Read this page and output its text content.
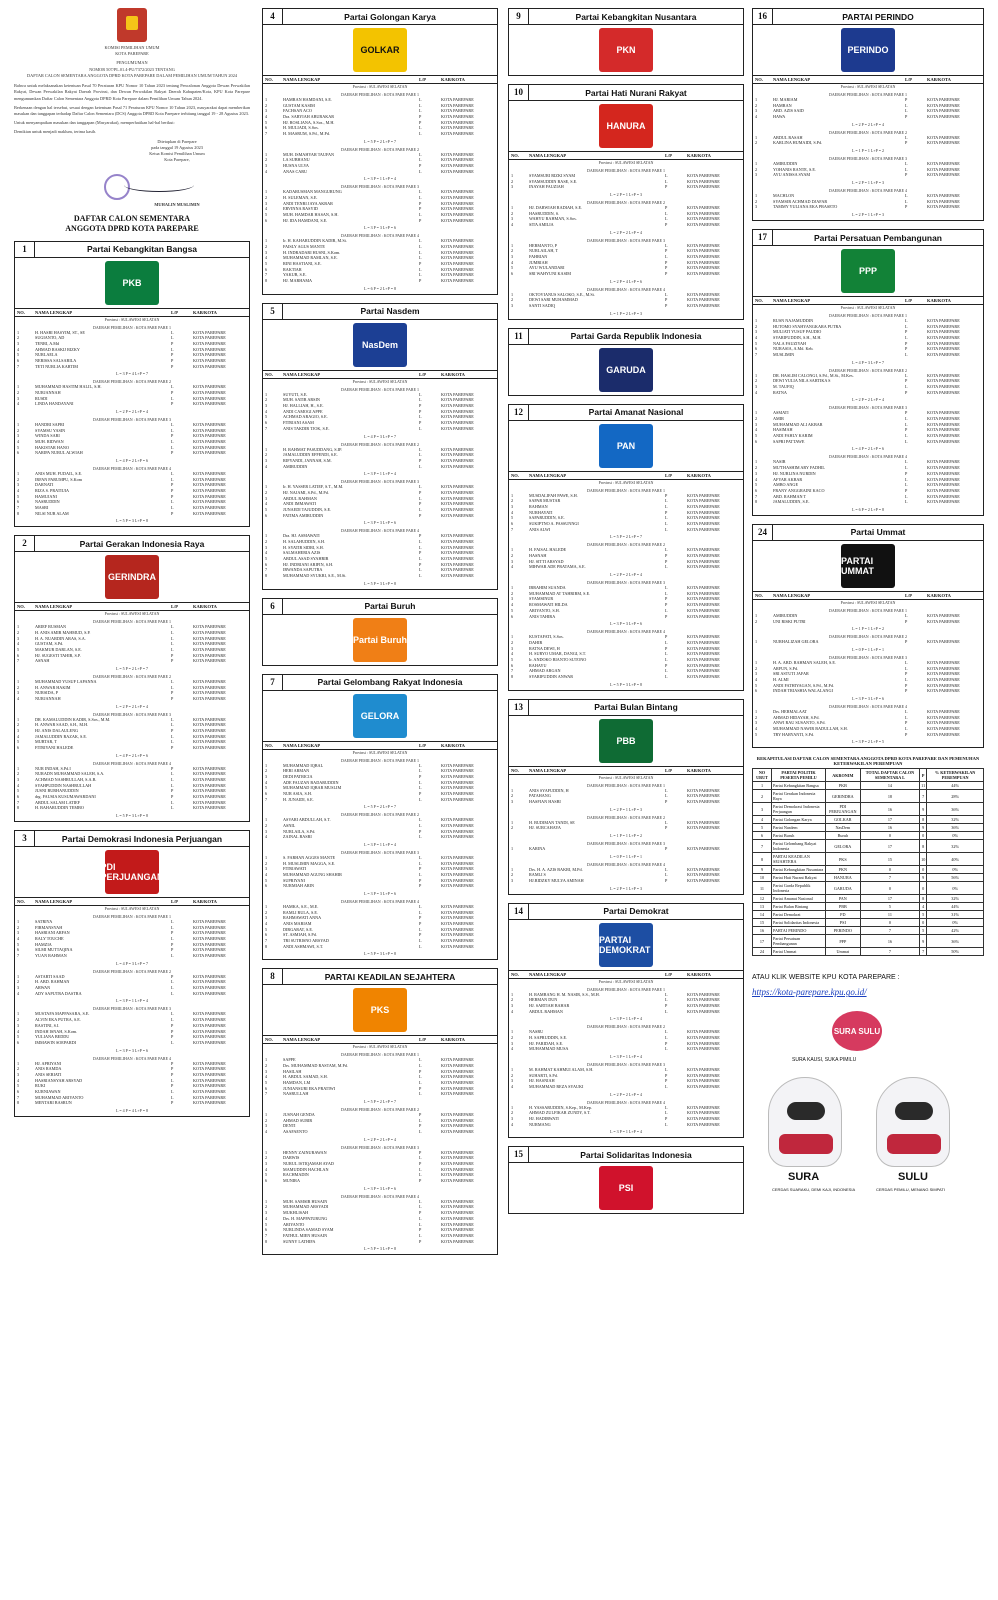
KOMISI PEMILIHAN UMUM
KOTA PAREPARE
PENGUMUMAN
NOMOR 507/PL.01.4-PU/7372/2023 TENTANG
DAFTAR CALON SEMENTARA ANGGOTA DPRD KOTA PAREPARE DALAM PEMILIHAN UMUM TAHUN 2024

Bahwa untuk melaksanakan ketentuan Pasal 70 Peraturan KPU Nomor 10 Tahun 2023 tentang Pencalonan Anggota Dewan Perwakilan Rakyat, Dewan Perwakilan Rakyat Daerah Provinsi, dan Dewan Perwakilan Rakyat Daerah Kabupaten/Kota, KPU Kota Parepare mengumumkan Daftar Calon Sementara Anggota DPRD Kota Parepare dalam Pemilihan Umum Tahun 2024.

Berkenaan dengan hal tersebut, sesuai dengan ketentuan Pasal 71 Peraturan KPU Nomor 10 Tahun 2023, masyarakat dapat memberikan masukan dan tanggapan terhadap Daftar Calon Sementara (DCS) Anggota DPRD Kota Parepare terhitung tanggal 19 - 28 Agustus 2023.

Untuk menyampaikan masukan dan tanggapan (Masyarakat), memperhatikan hal-hal berikut:

Demikian untuk menjadi maklum, terima kasih.

Ditetapkan di Parepare
pada tanggal 19 Agustus 2023
Ketua Komisi Pemilihan Umum
Kota Parepare,
MUHALIN MUSLIMIN
DAFTAR CALON SEMENTARA
ANGGOTA DPRD KOTA PAREPARE
1	Partai Kebangkitan Bangsa
PKB
NO.	NAMA LENGKAP	L/P	KAB/KOTA
Provinsi : SULAWESI SELATAN
DAERAH PEMILIHAN : KOTA PARE PARE 1
1	H. HASBI HASYIM, ST., SE	L	KOTA PAREPARE
2	SUGIANTO, AD	L	KOTA PAREPARE
3	TENRI, A.Md	P	KOTA PAREPARE
4	AHMAD RASKIJ RIZKY	L	KOTA PAREPARE
5	NURLAELA	P	KOTA PAREPARE
6	NERISSA SALSABILA	P	KOTA PAREPARE
7	TETI NURLIA KARTIM	P	KOTA PAREPARE
L = 3 P = 4 L+P = 7
DAERAH PEMILIHAN : KOTA PARE PARE 2
1	MUHAMMAD HASTIM HALIL, S.H.	L	KOTA PAREPARE
2	NURJANNAH	P	KOTA PAREPARE
3	RUSDI	L	KOTA PAREPARE
4	LINDA HANDAYANI	P	KOTA PAREPARE
L = 2 P = 2 L+P = 4
DAERAH PEMILIHAN : KOTA PARE PARE 3
1	HANDRI SAPRI	L	KOTA PAREPARE
2	SYAMSU YASIN	L	KOTA PAREPARE
3	WINDA SARI	P	KOTA PAREPARE
4	MUH. RIDWAN	L	KOTA PAREPARE
5	HAKISTAR HANO	L	KOTA PAREPARE
6	NARIPA NURUL ALWIAH	P	KOTA PAREPARE
L = 4 P = 2 L+P = 6
DAERAH PEMILIHAN : KOTA PARE PARE 4
1	ANIS MUH. FUDAIL, S.E.	L	KOTA PAREPARE
2	IRFAN PARUMPU, S.Kom	L	KOTA PAREPARE
3	DARNATI	P	KOTA PAREPARE
4	RIZA S. PRATIUIA	P	KOTA PAREPARE
5	HAMUJANI	P	KOTA PAREPARE
6	NASRUDDIN	L	KOTA PAREPARE
7	MASRI	L	KOTA PAREPARE
8	NILSI NUR ALAM	P	KOTA PAREPARE
L = 5 P = 3 L+P = 8
2	Partai Gerakan Indonesia Raya
GERINDRA
NO.	NAMA LENGKAP	L/P	KAB/KOTA
Provinsi : SULAWESI SELATAN
DAERAH PEMILIHAN : KOTA PARE PARE 1
1	ARIEF RUSMAN	L	KOTA PAREPARE
2	H. ANIS AMIR MAHMUD, S.P.	L	KOTA PAREPARE
3	H. A. NUARDIN ARAS, S.A.	L	KOTA PAREPARE
4	GUSTAM, S.Pd.	L	KOTA PAREPARE
5	MAKMUR DARLAN, S.E.	L	KOTA PAREPARE
6	HJ. SUGESTI TAHIR, S.P.	P	KOTA PAREPARE
7	ASNAH	P	KOTA PAREPARE
L = 5 P = 2 L+P = 7
DAERAH PEMILIHAN : KOTA PARE PARE 2
1	MUHAMMAD YUSUF LAPANNA	L	KOTA PAREPARE
2	H. ANWAR HAKIM	L	KOTA PAREPARE
3	NURSIDA, P	P	KOTA PAREPARE
4	NURJANNAH	P	KOTA PAREPARE
L = 2 P = 2 L+P = 4
DAERAH PEMILIHAN : KOTA PARE PARE 3
1	DR. KAMALUDDIN KADIR, S.Sos., M.M.	L	KOTA PAREPARE
2	H. ANWAR SAAD, S.H., M.H.	L	KOTA PAREPARE
3	HJ. ANIS DALAULENG	P	KOTA PAREPARE
4	JAMALUDDIN RAZAK, S.E.	L	KOTA PAREPARE
5	MURTAR, T	L	KOTA PAREPARE
6	FITRIYANI HALEDE	P	KOTA PAREPARE
L = 4 P = 2 L+P = 6
DAERAH PEMILIHAN : KOTA PARE PARE 4
1	NUR INDAH, S.Pd.I	P	KOTA PAREPARE
2	NURADN MUHAMMAD SALEH, S.A.	L	KOTA PAREPARE
3	ACHMAD NASHRULLAH, S.A.B.	L	KOTA PAREPARE
4	SYAHPUDDIN NASHRULLAH	L	KOTA PAREPARE
5	JUSNI BURHANUDDIN	P	KOTA PAREPARE
6	drg. FAUSIA KUSUMAWARDANI	P	KOTA PAREPARE
7	ABDUL SALAM LATIEF	L	KOTA PAREPARE
8	H. BAHARUDDIN TEMBO	L	KOTA PAREPARE
L = 5 P = 3 L+P = 8
3	Partai Demokrasi Indonesia Perjuangan
PDI PERJUANGAN
NO.	NAMA LENGKAP	L/P	KAB/KOTA
Provinsi : SULAWESI SELATAN
DAERAH PEMILIHAN : KOTA PARE PARE 1
1	SATRIYA	L	KOTA PAREPARE
2	FIRMANSYAH	L	KOTA PAREPARE
3	HASBIANI ARFAN	P	KOTA PAREPARE
4	RALY TOUCHE	L	KOTA PAREPARE
5	HAMZIA	P	KOTA PAREPARE
6	SILMI MUTTAQINA	P	KOTA PAREPARE
7	YUAN RAHMAN	L	KOTA PAREPARE
L = 4 P = 3 L+P = 7
DAERAH PEMILIHAN : KOTA PARE PARE 2
1	ASTARTI SAAD	P	KOTA PAREPARE
2	H. ABD. RAHMAN	L	KOTA PAREPARE
3	ARWAN	L	KOTA PAREPARE
4	ADY SAPUTRA DASTRA	L	KOTA PAREPARE
L = 3 P = 1 L+P = 4
DAERAH PEMILIHAN : KOTA PARE PARE 3
1	MUSTAFA MAPPASARA, S.E.	L	KOTA PAREPARE
2	ALVIN EKA PUTRA, S.E.	L	KOTA PAREPARE
3	RASTINI, S.I.	P	KOTA PAREPARE
4	INDAH ISNAH, S.Kom.	P	KOTA PAREPARE
5	YULIANA BEDDU	P	KOTA PAREPARE
6	IMMAWIN SOEPARDI	L	KOTA PAREPARE
L = 3 P = 3 L+P = 6
DAERAH PEMILIHAN : KOTA PARE PARE 4
1	HJ. APRIYANI	P	KOTA PAREPARE
2	ANIS RAMDA	P	KOTA PAREPARE
3	ANIS SERIATI	P	KOTA PAREPARE
4	HASRIANSYAH ARSYAD	L	KOTA PAREPARE
5	RUKI	P	KOTA PAREPARE
6	KURNIAWAN	L	KOTA PAREPARE
7	MUHAMMAD ARIYANTO	L	KOTA PAREPARE
8	MENTARI BASRUN	P	KOTA PAREPARE
L = 4 P = 4 L+P = 8
4	Partai Golongan Karya
GOLKAR
NO.	NAMA LENGKAP	L/P	KAB/KOTA
Provinsi : SULAWESI SELATAN
DAERAH PEMILIHAN : KOTA PARE PARE 1
1	HAMRAN HAMDANI, S.E.	L	KOTA PAREPARE
2	GUSTAM KASIM	L	KOTA PAREPARE
3	FACHSAN ACO	L	KOTA PAREPARE
4	Dra. SARYIAH ABUBAKAR	P	KOTA PAREPARE
5	HJ. ROSLIANA, S.Sos., M.H.	P	KOTA PAREPARE
6	H. MULIADI, S.Sos.	L	KOTA PAREPARE
7	H. MASRUM, S.Pd., M.Pd.	L	KOTA PAREPARE
L = 5 P = 2 L+P = 7
DAERAH PEMILIHAN : KOTA PARE PARE 2
1	MUH. ISMAHYAR TAUFAN	L	KOTA PAREPARE
2	LA SUBHANU	L	KOTA PAREPARE
3	HUSNA ULVA	P	KOTA PAREPARE
4	ANAS CARU	L	KOTA PAREPARE
L = 3 P = 1 L+P = 4
DAERAH PEMILIHAN : KOTA PARE PARE 3
1	KADARUSMAN MANGURUNG	L	KOTA PAREPARE
2	H. SULEMAN, S.E.	L	KOTA PAREPARE
3	ANDI TENRI JAYA AKBAR	P	KOTA PAREPARE
4	ERVINNA RASYID	P	KOTA PAREPARE
5	MUH. HAMDAR HASAN, S.H.	L	KOTA PAREPARE
6	HJ. IDA HAMDANI, S.E.	P	KOTA PAREPARE
L = 3 P = 3 L+P = 6
DAERAH PEMILIHAN : KOTA PARE PARE 4
1	Ir. H. KAHARUDDIN KADIR, M.Si.	L	KOTA PAREPARE
2	FAISLY AGUS MANTE	L	KOTA PAREPARE
3	H. INDRADARI HUSNI, S.Kom.	L	KOTA PAREPARE
4	MUHAMMAD RAMLAN, S.E.	L	KOTA PAREPARE
5	RINI HASTIANI, S.E.	P	KOTA PAREPARE
6	RAKTIAR	L	KOTA PAREPARE
7	YAKUB, S.E.	L	KOTA PAREPARE
8	HJ. MARHAMA	P	KOTA PAREPARE
L = 6 P = 2 L+P = 8
5	Partai Nasdem
NasDem
NO.	NAMA LENGKAP	L/P	KAB/KOTA
Provinsi : SULAWESI SELATAN
DAERAH PEMILIHAN : KOTA PARE PARE 1
1	SUYUTI, S.E.	L	KOTA PAREPARE
2	MUH. SATIR ARSIN	L	KOTA PAREPARE
3	HJ. HALLIAH, H., S.E.	P	KOTA PAREPARE
4	ANDI CAMOGI APPE	P	KOTA PAREPARE
5	ACHMAD ARAGIO, S.E.	L	KOTA PAREPARE
6	FITRIANI ASAM	P	KOTA PAREPARE
7	ANIS TAKDIR TJOK, S.E.	L	KOTA PAREPARE
L = 4 P = 3 L+P = 7
DAERAH PEMILIHAN : KOTA PARE PARE 2
1	H. RAHMAT PASUDDANG, S.IP.	L	KOTA PAREPARE
2	JAMALUDDIN EFFENDI, S.E.	L	KOTA PAREPARE
3	RIFYANDI, JANNAH, S.M.	P	KOTA PAREPARE
4	AMIRUDDIN	L	KOTA PAREPARE
L = 3 P = 1 L+P = 4
DAERAH PEMILIHAN : KOTA PARE PARE 3
1	Ir. H. YASSER LATIEF, S.T., M.M.	L	KOTA PAREPARE
2	HJ. NAJAMI, S.Pd., M.Pd.	P	KOTA PAREPARE
3	ABDUL RAHMAN	L	KOTA PAREPARE
4	ANDI IMMAWATI	P	KOTA PAREPARE
5	JUNAEDI TAJUDDIN, S.E.	L	KOTA PAREPARE
6	FATIMA AMIRUDDIN	P	KOTA PAREPARE
L = 3 P = 3 L+P = 6
DAERAH PEMILIHAN : KOTA PARE PARE 4
1	Dra. HJ. ASMAWATI	P	KOTA PAREPARE
2	H. SALAHUDDIN, S.H.	L	KOTA PAREPARE
3	H. SYATIR SIDRI, S.H.	L	KOTA PAREPARE
4	SALMAHERIA AZIS	P	KOTA PAREPARE
5	ABDUL ASAD SYAHRIR	L	KOTA PAREPARE
6	HJ. INDRIANI ARIFIN, S.H.	P	KOTA PAREPARE
7	IRWANDA SAPUTRA	L	KOTA PAREPARE
8	MUHAMMAD SYUKRI, S.E., M.Si.	L	KOTA PAREPARE
L = 5 P = 3 L+P = 8
6	Partai Buruh
Partai Buruh
7	Partai Gelombang Rakyat Indonesia
GELORA
NO.	NAMA LENGKAP	L/P	KAB/KOTA
Provinsi : SULAWESI SELATAN
DAERAH PEMILIHAN : KOTA PARE PARE 1
1	MUHAMMAD IQBAL	L	KOTA PAREPARE
2	HERI ARMAN	L	KOTA PAREPARE
3	DEDI PATRICIA	P	KOTA PAREPARE
4	ADE FAUZAN BADARUDDIN	L	KOTA PAREPARE
5	MUHAMMAD IQBAR MUSLIM	L	KOTA PAREPARE
6	NUR ASIA, S.H.	P	KOTA PAREPARE
7	H. JUNAIDI, S.E.	L	KOTA PAREPARE
L = 5 P = 2 L+P = 7
DAERAH PEMILIHAN : KOTA PARE PARE 2
1	ASVARI ABDULLAH, S.T.	L	KOTA PAREPARE
2	ASNIL	L	KOTA PAREPARE
3	NURLAILA, S.Pd.	P	KOTA PAREPARE
4	ZAINAL BASRI	L	KOTA PAREPARE
L = 3 P = 1 L+P = 4
DAERAH PEMILIHAN : KOTA PARE PARE 3
1	S. FARHAN AGGES MANTE	L	KOTA PAREPARE
2	H. MUSLIMIN MAGGA, S.E.	L	KOTA PAREPARE
3	FITRIAWATI	P	KOTA PAREPARE
4	MUHAMMAD AGUNG SHAHIR	L	KOTA PAREPARE
5	SUPRIYANI	P	KOTA PAREPARE
6	NURMIAH ARIN	P	KOTA PAREPARE
L = 3 P = 3 L+P = 6
DAERAH PEMILIHAN : KOTA PARE PARE 4
1	HAMKA, S.E., M.E.	L	KOTA PAREPARE
2	RAMLI RULA, S.E.	L	KOTA PAREPARE
3	RAHMAWATI ANNA	P	KOTA PAREPARE
4	ANIS MARIAM	P	KOTA PAREPARE
5	DIRGARAT, S.E.	L	KOTA PAREPARE
6	ST. ASMIAH, S.Pd.	P	KOTA PAREPARE
7	TRI SUTRISNO ARSYAD	L	KOTA PAREPARE
8	ANDI ASHMAWI, S.T.	L	KOTA PAREPARE
L = 5 P = 3 L+P = 8
8	PARTAI KEADILAN SEJAHTERA
PKS
NO.	NAMA LENGKAP	L/P	KAB/KOTA
Provinsi : SULAWESI SELATAN
DAERAH PEMILIHAN : KOTA PARE PARE 1
1	SAPPE	L	KOTA PAREPARE
2	Drs. MUHAMMAD RASTAM, M.Pd.	L	KOTA PAREPARE
3	HASILAH	P	KOTA PAREPARE
4	H. ABDUL SAMAD, S.H.	L	KOTA PAREPARE
5	HAMDAN, LM	L	KOTA PAREPARE
6	JUNIANSURI EKA PRATIWI	P	KOTA PAREPARE
7	NASRULLAH	L	KOTA PAREPARE
L = 5 P = 2 L+P = 7
DAERAH PEMILIHAN : KOTA PARE PARE 2
1	JUSNAH GENDA	P	KOTA PAREPARE
2	AHMAD SUBIR	L	KOTA PAREPARE
3	DENTI	P	KOTA PAREPARE
4	ASAFAENTO	L	KOTA PAREPARE
L = 2 P = 2 L+P = 4
DAERAH PEMILIHAN : KOTA PARE PARE 3
1	HENNY ZAINURAWAN	P	KOTA PAREPARE
2	DARWIS	L	KOTA PAREPARE
3	NURUL ISTIQAMAH AYAD	P	KOTA PAREPARE
4	MAMUDDIN HACHLAN	L	KOTA PAREPARE
5	RACHMADIN	L	KOTA PAREPARE
6	MUNIRA	P	KOTA PAREPARE
L = 3 P = 3 L+P = 6
DAERAH PEMILIHAN : KOTA PARE PARE 4
1	MUH. SAMSIR HUSAIN	L	KOTA PAREPARE
2	MUHAMMAD ARSYADI	L	KOTA PAREPARE
3	MUKHLISAH	P	KOTA PAREPARE
4	Drs. H. MAPPATURUNG	L	KOTA PAREPARE
5	ARIYANTO	L	KOTA PAREPARE
6	NURLINDA SAMAD SYAM	P	KOTA PAREPARE
7	FATHUL MIEN HUSAIN	L	KOTA PAREPARE
8	SUNNY LATHIFA	P	KOTA PAREPARE
L = 5 P = 3 L+P = 8
9	Partai Kebangkitan Nusantara
PKN
10	Partai Hati Nurani Rakyat
HANURA
NO.	NAMA LENGKAP	L/P	KAB/KOTA
Provinsi : SULAWESI SELATAN
DAERAH PEMILIHAN : KOTA PARE PARE 1
1	SYAMSURI RIZKI SYAM	L	KOTA PAREPARE
2	SYAMSUDDIN BASE, S.E.	L	KOTA PAREPARE
3	INAYAH FAUZIAH	P	KOTA PAREPARE
L = 2 P = 1 L+P = 3
DAERAH PEMILIHAN : KOTA PARE PARE 2
1	HJ. DARWIAH RADIAH, S.E.	P	KOTA PAREPARE
2	HASRUDDIN, S.	L	KOTA PAREPARE
3	WAHYU RAHMAN, S.Sos.	L	KOTA PAREPARE
4	SITA AMILIA	P	KOTA PAREPARE
L = 2 P = 2 L+P = 4
DAERAH PEMILIHAN : KOTA PARE PARE 3
1	HERMANTO, P	L	KOTA PAREPARE
2	NURLAILAH, T	P	KOTA PAREPARE
3	FAHRIAN	L	KOTA PAREPARE
4	JUMRIAH	P	KOTA PAREPARE
5	AYU WULANDARI	P	KOTA PAREPARE
6	SRI WAHYUNI KASIM	P	KOTA PAREPARE
L = 2 P = 4 L+P = 6
DAERAH PEMILIHAN : KOTA PARE PARE 4
1	OKTOVIANUS SALOKO, S.E., M.Si.	L	KOTA PAREPARE
2	DEWI SARI MUHAMMAD	P	KOTA PAREPARE
3	SANTI SADIQ	P	KOTA PAREPARE
L = 1 P = 2 L+P = 3
11	Partai Garda Republik Indonesia
GARUDA
12	Partai Amanat Nasional
PAN
NO.	NAMA LENGKAP	L/P	KAB/KOTA
Provinsi : SULAWESI SELATAN
DAERAH PEMILIHAN : KOTA PARE PARE 1
1	MUSDALIFAH PAWE, S.H.	P	KOTA PAREPARE
2	SAPAR MUSTAR	L	KOTA PAREPARE
3	RAHMAN	L	KOTA PAREPARE
4	NURHAYATI	P	KOTA PAREPARE
5	SAPARUDDIN, S.E.	L	KOTA PAREPARE
6	SUKIPTNO A. PASSUNNGI	L	KOTA PAREPARE
7	ANIS ALWI	L	KOTA PAREPARE
L = 5 P = 2 L+P = 7
DAERAH PEMILIHAN : KOTA PARE PARE 2
1	H. FAISAL HALEDE	L	KOTA PAREPARE
2	HASNAH	P	KOTA PAREPARE
3	HJ. SITTI ARSYAD	P	KOTA PAREPARE
4	MIHWAR ADE PRATAMA, S.E.	L	KOTA PAREPARE
L = 2 P = 2 L+P = 4
DAERAH PEMILIHAN : KOTA PARE PARE 3
1	IBRAHIM SUANDA	L	KOTA PAREPARE
2	MUHAMMAD AT TAHRIRM, S.E.	L	KOTA PAREPARE
3	SYAMSINUR	P	KOTA PAREPARE
4	ROSMAWATI HILDA	P	KOTA PAREPARE
5	ARIYANTO, S.H.	L	KOTA PAREPARE
6	ANIS TAHIRA	P	KOTA PAREPARE
L = 3 P = 3 L+P = 6
DAERAH PEMILIHAN : KOTA PARE PARE 4
1	KUSTAFATI, S.Sos.	P	KOTA PAREPARE
2	DAHIR	L	KOTA PAREPARE
3	RATNA DEWI, H	P	KOTA PAREPARE
4	H. SURYO UMAR, DANGI, S.T.	L	KOTA PAREPARE
5	Ir. ANDOKO BIANTO SUTONO	L	KOTA PAREPARE
6	RAHAYU	P	KOTA PAREPARE
7	AHMAD ARGAN	L	KOTA PAREPARE
8	SYARIFUDDIN ANWAR	L	KOTA PAREPARE
L = 5 P = 3 L+P = 8
13	Partai Bulan Bintang
PBB
NO.	NAMA LENGKAP	L/P	KAB/KOTA
Provinsi : SULAWESI SELATAN
DAERAH PEMILIHAN : KOTA PARE PARE 1
1	ANIS SYAFUDDIN, H	L	KOTA PAREPARE
2	PATAHANG	L	KOTA PAREPARE
3	HASFIAN HASBI	P	KOTA PAREPARE
L = 2 P = 1 L+P = 3
DAERAH PEMILIHAN : KOTA PARE PARE 2
1	H. BUDIMAN TANDI, SE	L	KOTA PAREPARE
2	HJ. SURCAHAYA	P	KOTA PAREPARE
L = 1 P = 1 L+P = 2
DAERAH PEMILIHAN : KOTA PARE PARE 3
1	KARINA	P	KOTA PAREPARE
L = 0 P = 1 L+P = 1
DAERAH PEMILIHAN : KOTA PARE PARE 4
1	Drs. H. A. AZIS BAKRI, M.Pd.	L	KOTA PAREPARE
2	RAMLI S	L	KOTA PAREPARE
3	HJ.RIDZKY MULYA AMINAH	P	KOTA PAREPARE
L = 2 P = 1 L+P = 3
14	Partai Demokrat
PARTAI DEMOKRAT
NO.	NAMA LENGKAP	L/P	KAB/KOTA
Provinsi : SULAWESI SELATAN
DAERAH PEMILIHAN : KOTA PARE PARE 1
1	H. RAMBANG H. M. NASIR, S.S., M.H.	L	KOTA PAREPARE
2	HERMAN DUN	L	KOTA PAREPARE
3	HJ. SARTIAH BAHAR	P	KOTA PAREPARE
4	ABDUL RAHMAN	L	KOTA PAREPARE
L = 3 P = 1 L+P = 4
DAERAH PEMILIHAN : KOTA PARE PARE 2
1	NASRU	L	KOTA PAREPARE
2	H. SAPRUDDIN, S.E.	L	KOTA PAREPARE
3	HJ. FARIDAH, S.E.	P	KOTA PAREPARE
4	MUHAMMAD MUSA	L	KOTA PAREPARE
L = 3 P = 1 L+P = 4
DAERAH PEMILIHAN : KOTA PARE PARE 3
1	M. RAHMAT KAHMUI ALAM, S.H.	L	KOTA PAREPARE
2	SUHARTI, S.Pd.	P	KOTA PAREPARE
3	HJ. HASNIAH	P	KOTA PAREPARE
4	MUHAMMAD REZA SYAUKI	L	KOTA PAREPARE
L = 2 P = 2 L+P = 4
DAERAH PEMILIHAN : KOTA PARE PARE 4
1	H. YASSARUDDIN, S.Kep., M.Kep.	L	KOTA PAREPARE
2	AHMAD ZULFIKAR ZUNDY, S.T.	L	KOTA PAREPARE
3	HJ. HADIRWATI	P	KOTA PAREPARE
4	NURMANG	L	KOTA PAREPARE
L = 3 P = 1 L+P = 4
15	Partai Solidaritas Indonesia
PSI
16	PARTAI PERINDO
PERINDO
NO.	NAMA LENGKAP	L/P	KAB/KOTA
Provinsi : SULAWESI SELATAN
DAERAH PEMILIHAN : KOTA PARE PARE 1
1	HJ. MARIAM	P	KOTA PAREPARE
2	HAMRAN	L	KOTA PAREPARE
3	ABD. AZIS SAID	L	KOTA PAREPARE
4	HAWA	P	KOTA PAREPARE
L = 2 P = 2 L+P = 4
DAERAH PEMILIHAN : KOTA PARE PARE 2
1	ABDUL RASAH	L	KOTA PAREPARE
2	KARLINA HUMAIDI, S.Pd.	P	KOTA PAREPARE
L = 1 P = 1 L+P = 2
DAERAH PEMILIHAN : KOTA PARE PARE 3
1	AMIRUDDIN	L	KOTA PAREPARE
2	YOHANIS RANTE, S.E.	L	KOTA PAREPARE
3	AYU ANISSA SYAM	P	KOTA PAREPARE
L = 2 P = 1 L+P = 3
DAERAH PEMILIHAN : KOTA PARE PARE 4
1	MACHLON	L	KOTA PAREPARE
2	SYAMSIR ACHMAD DJAFAR	L	KOTA PAREPARE
3	TAMMY YULIANA EKA PRASETO	P	KOTA PAREPARE
L = 2 P = 1 L+P = 3
17	Partai Persatuan Pembangunan
PPP
NO.	NAMA LENGKAP	L/P	KAB/KOTA
Provinsi : SULAWESI SELATAN
DAERAH PEMILIHAN : KOTA PARE PARE 1
1	RUSN NAJAMUDDIN	L	KOTA PAREPARE
2	HUTOMO SYAHYANGKARA PUTRA	L	KOTA PAREPARE
3	MULIATI YUSUF PAUDIO	P	KOTA PAREPARE
4	SYARIFUDDIN, S.H., M.H.	L	KOTA PAREPARE
5	NALA FAUZIYAH	P	KOTA PAREPARE
6	NURASIA, A.Md. Keb.	P	KOTA PAREPARE
7	MUSLIMIN	L	KOTA PAREPARE
L = 4 P = 3 L+P = 7
DAERAH PEMILIHAN : KOTA PARE PARE 2
1	DR. HASLIM CALONGI, S.Pd., M.Si., M.Kes.	L	KOTA PAREPARE
2	DEWI YULIA NILA SARTIKA S	P	KOTA PAREPARE
3	M. TAUFIQ	L	KOTA PAREPARE
4	RATNA	P	KOTA PAREPARE
L = 2 P = 2 L+P = 4
DAERAH PEMILIHAN : KOTA PARE PARE 3
1	ASMATI	P	KOTA PAREPARE
2	AMIR	L	KOTA PAREPARE
3	MUHAMMAD ALI AKBAR	L	KOTA PAREPARE
4	HASIMAH	P	KOTA PAREPARE
5	ANDI FAHLY KARIM	L	KOTA PAREPARE
6	SAPRI PATTAWE	L	KOTA PAREPARE
L = 4 P = 2 L+P = 6
DAERAH PEMILIHAN : KOTA PARE PARE 4
1	NASIR	L	KOTA PAREPARE
2	MU'THASHIM ARY FADHIL	L	KOTA PAREPARE
3	HJ. NURLINA NURDIN	P	KOTA PAREPARE
4	AFYAR AKBAR	L	KOTA PAREPARE
5	AMBO ANGE	L	KOTA PAREPARE
6	FRANY ANGGRAINI KACO	P	KOTA PAREPARE
7	ABD. RAHMAN T	L	KOTA PAREPARE
8	JAMALUDDIN, S.E.	L	KOTA PAREPARE
L = 6 P = 2 L+P = 8
24	Partai Ummat
PARTAI UMMAT
NO.	NAMA LENGKAP	L/P	KAB/KOTA
Provinsi : SULAWESI SELATAN
DAERAH PEMILIHAN : KOTA PARE PARE 1
1	AMIRUDDIN	L	KOTA PAREPARE
2	UNI RISKI PUTRI	P	KOTA PAREPARE
L = 1 P = 1 L+P = 2
DAERAH PEMILIHAN : KOTA PARE PARE 2
1	NURHALIZAH GELORA	P	KOTA PAREPARE
L = 0 P = 1 L+P = 1
DAERAH PEMILIHAN : KOTA PARE PARE 3
1	H. A. ABD. RAHMAN SALEH, S.E.	L	KOTA PAREPARE
2	ARFUN, S.Pd.	L	KOTA PAREPARE
3	SRI ASTUTI JAFAR	P	KOTA PAREPARE
4	H. ALMI	L	KOTA PAREPARE
5	ANDI FATHIYAGAN, S.Pd., M.Pd.	P	KOTA PAREPARE
6	INDAH TRIASHIA WALALANGI	P	KOTA PAREPARE
L = 3 P = 3 L+P = 6
DAERAH PEMILIHAN : KOTA PARE PARE 4
1	Drs. HERMALAAT	L	KOTA PAREPARE
2	AHMAD HIDAYAH, S.Pd.	L	KOTA PAREPARE
3	ANWI RAU SUSANTO, S.Pd.	P	KOTA PAREPARE
4	MUHAMMAD NAWIR BADULLAH, S.H.	L	KOTA PAREPARE
5	TRY HARYANTI, S.Pd.	P	KOTA PAREPARE
L = 3 P = 2 L+P = 5
REKAPITULASI DAFTAR CALON SEMENTARA ANGGOTA DPRD KOTA PAREPARE DAN PEMENUHAN KETERWAKILAN PEREMPUAN
NO URUT	PARTAI POLITIK PESERTA PEMILU	AKRONIM	TOTAL DAFTAR CALON SEMENTARA L	P	% KETERWAKILAN PEREMPUAN
1	Partai Kebangkitan Bangsa	PKB	14	11	44%
2	Partai Gerakan Indonesia Raya	GERINDRA	18	7	28%
3	Partai Demokrasi Indonesia Perjuangan	PDI PERJUANGAN	16	9	36%
4	Partai Golongan Karya	GOLKAR	17	8	32%
5	Partai Nasdem	NasDem	16	9	36%
6	Partai Buruh	Buruh	0	0	0%
7	Partai Gelombang Rakyat Indonesia	GELORA	17	8	32%
8	PARTAI KEADILAN SEJAHTERA	PKS	15	10	40%
9	Partai Kebangkitan Nusantara	PKN	0	0	0%
10	Partai Hati Nurani Rakyat	HANURA	7	9	56%
11	Partai Garda Republik Indonesia	GARUDA	0	0	0%
12	Partai Amanat Nasional	PAN	17	8	32%
13	Partai Bulan Bintang	PBB	5	4	44%
14	Partai Demokrat	PD	11	5	31%
15	Partai Solidaritas Indonesia	PSI	0	0	0%
16	PARTAI PERINDO	PERINDO	7	5	42%
17	Partai Persatuan Pembangunan	PPP	16	9	36%
24	Partai Ummat	Ummat	7	7	50%
ATAU KLIK WEBSITE KPU KOTA PAREPARE :
https://kota-parepare.kpu.go.id/
SURA SULU
SURA KAUSI, SUKA PIMILU
SURA	SULU
CERDAS SUARAKU, DEMI KAJI, INDONESIA	CERDAS PEMILU, MENANG SIMPATI
